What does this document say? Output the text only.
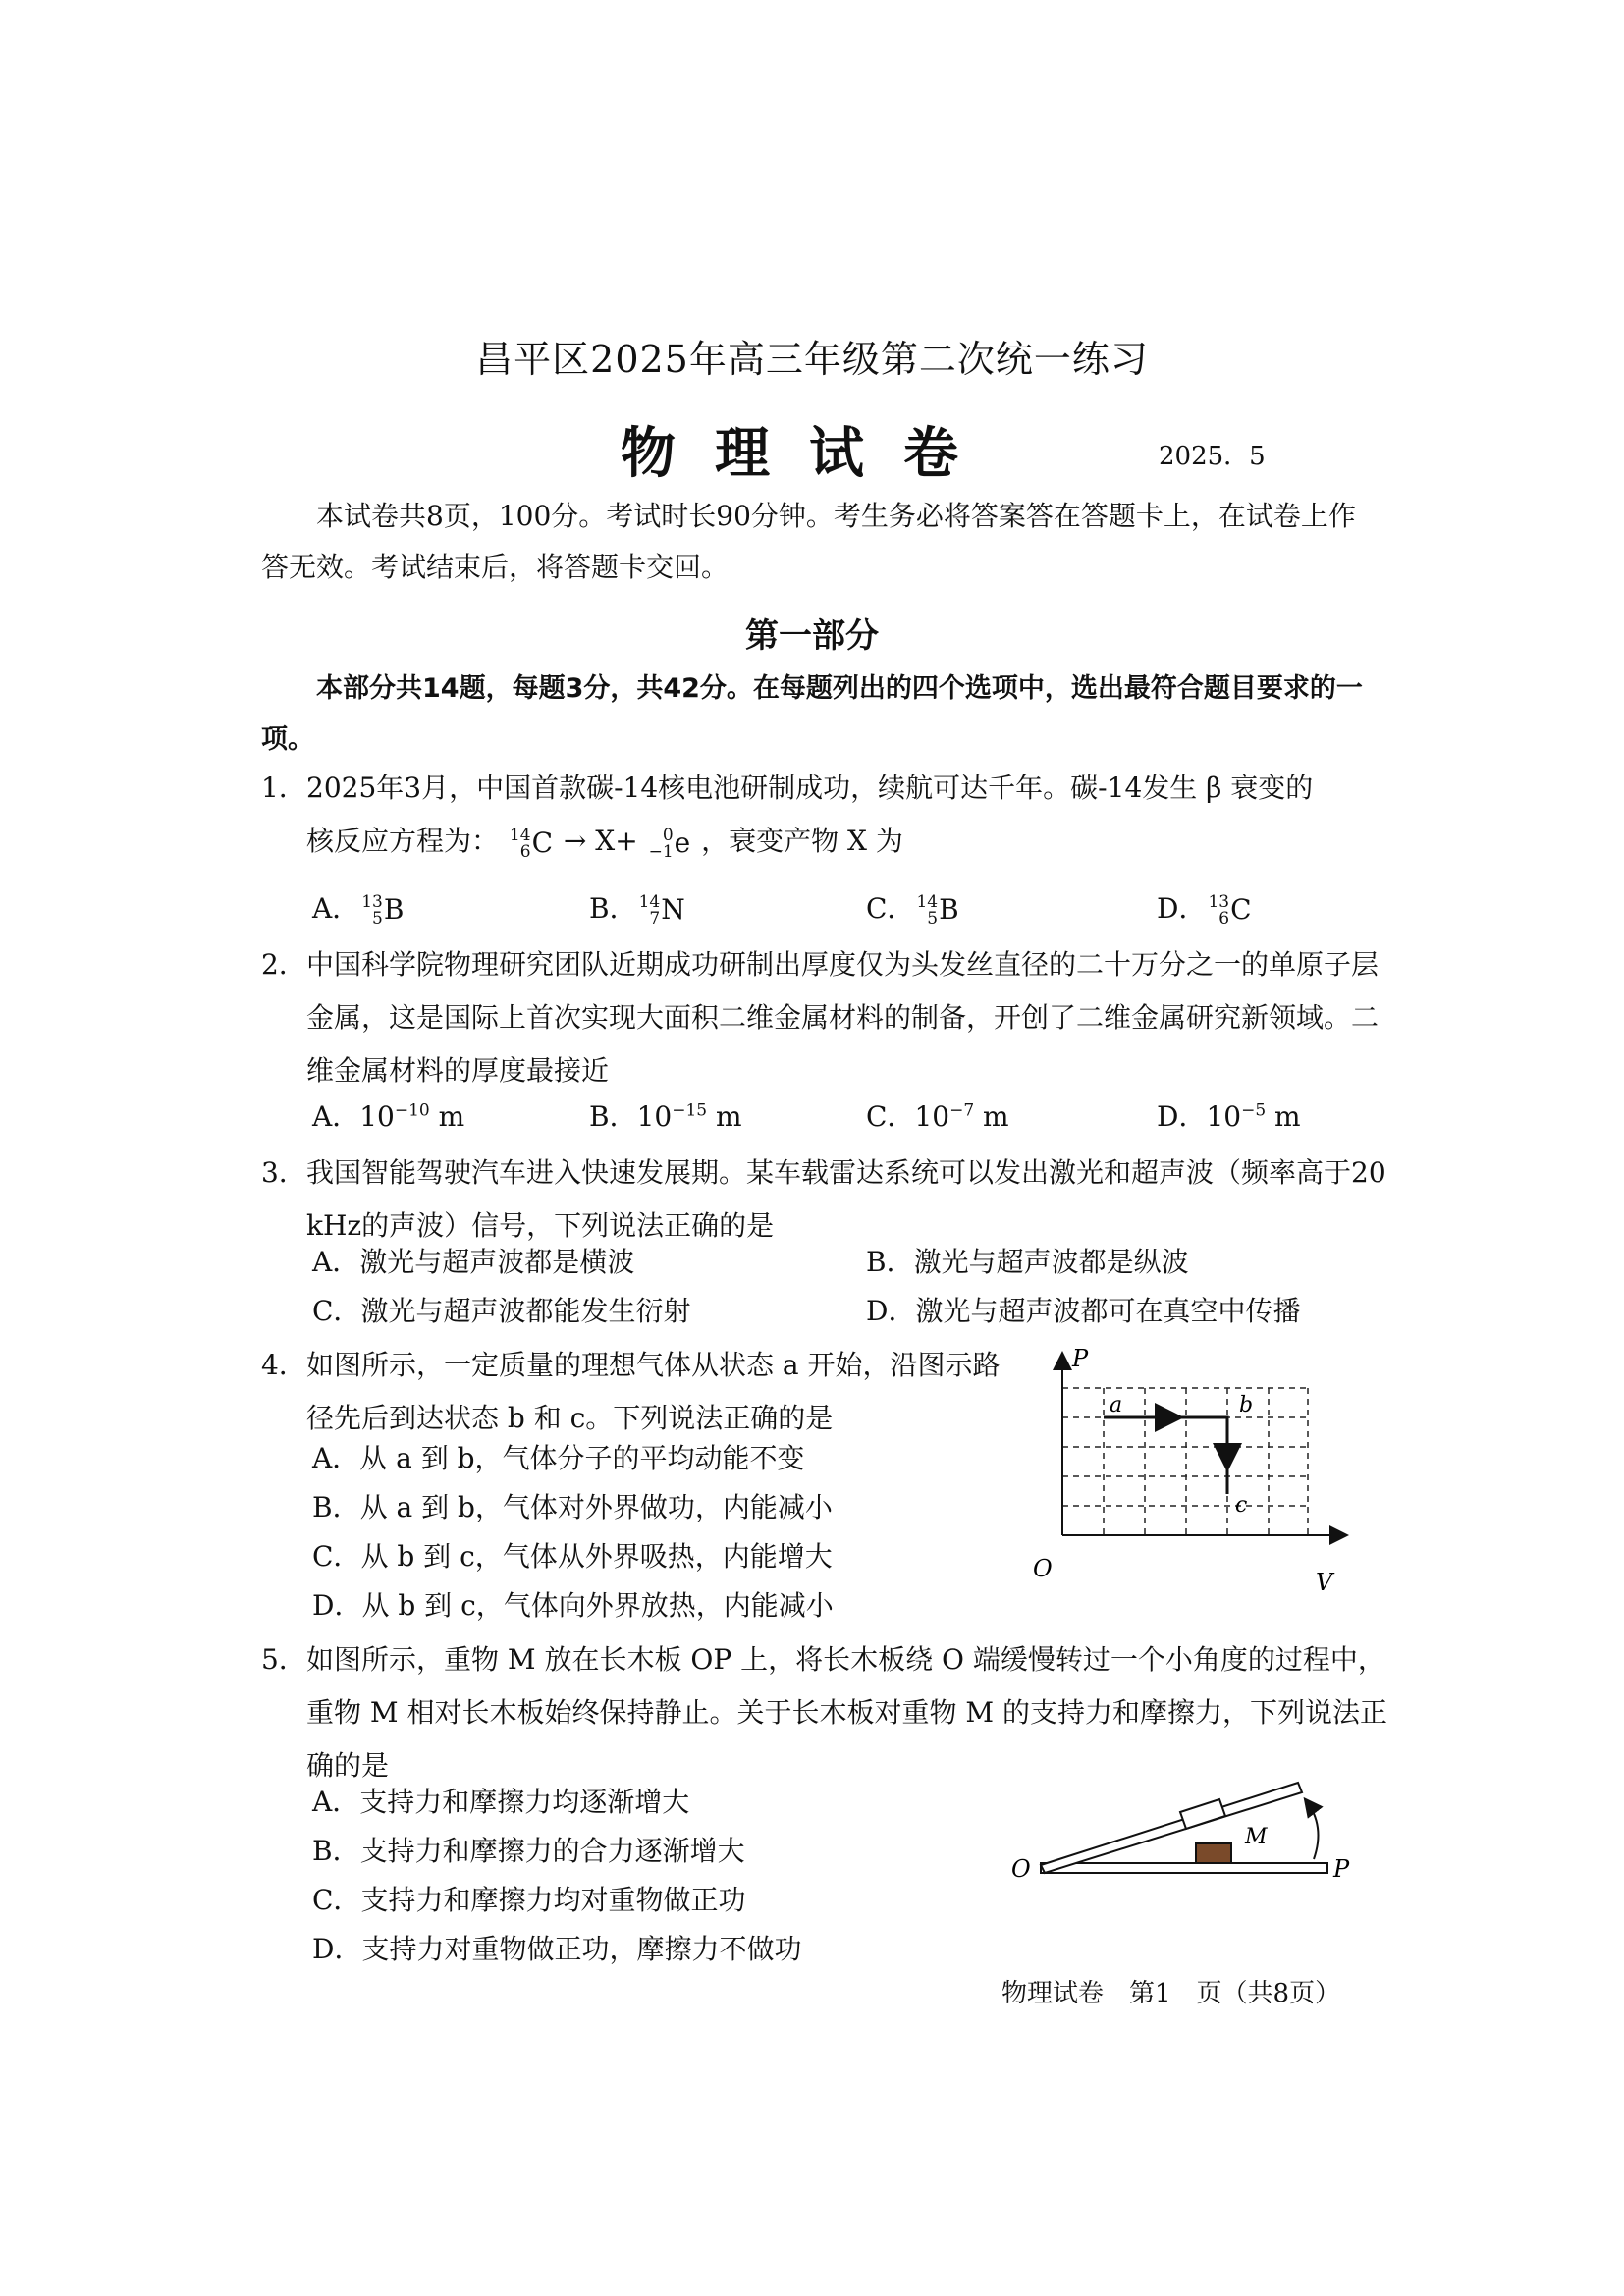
昌平区2025年高三年级第二次统一练习
物理试卷	2025．5
本试卷共8页，100分。考试时长90分钟。考生务必将答案答在答题卡上，在试卷上作答无效。考试结束后，将答题卡交回。
第一部分
本部分共14题，每题3分，共42分。在每题列出的四个选项中，选出最符合题目要求的一项。
1． 2025年3月，中国首款碳-14核电池研制成功，续航可达千年。碳-14发生 β 衰变的
核反应方程为： 14
6 C → X+	0
−1 e ，衰变产物 X 为
A． 13
5 B	B． 14
7 N	C． 14
5 B	D． 13
6 C
2． 中国科学院物理研究团队近期成功研制出厚度仅为头发丝直径的二十万分之一的单原子层金属，这是国际上首次实现大面积二维金属材料的制备，开创了二维金属研究新领域。二维金属材料的厚度最接近
A．$10^{-10}$ m	B．$10^{-15}$ m	C．$10^{-7}$ m	D．$10^{-5}$ m
3． 我国智能驾驶汽车进入快速发展期。某车载雷达系统可以发出激光和超声波（频率高于20 kHz的声波）信号，下列说法正确的是
A．激光与超声波都是横波	B．激光与超声波都是纵波
C．激光与超声波都能发生衍射	D．激光与超声波都可在真空中传播
4． 如图所示，一定质量的理想气体从状态 a 开始，沿图示路径先后到达状态 b 和 c。下列说法正确的是
A．从 a 到 b，气体分子的平均动能不变
B．从 a 到 b，气体对外界做功，内能减小
C．从 b 到 c，气体从外界吸热，内能增大
D．从 b 到 c，气体向外界放热，内能减小
P
V
O
a	b
c
5． 如图所示，重物 M 放在长木板 OP 上，将长木板绕 O 端缓慢转过一个小角度的过程中，重物 M 相对长木板始终保持静止。关于长木板对重物 M 的支持力和摩擦力，下列说法正确的是
A．支持力和摩擦力均逐渐增大
B．支持力和摩擦力的合力逐渐增大
C．支持力和摩擦力均对重物做正功
D．支持力对重物做正功，摩擦力不做功
O	P
M
物理试卷　第1　页（共8页）
